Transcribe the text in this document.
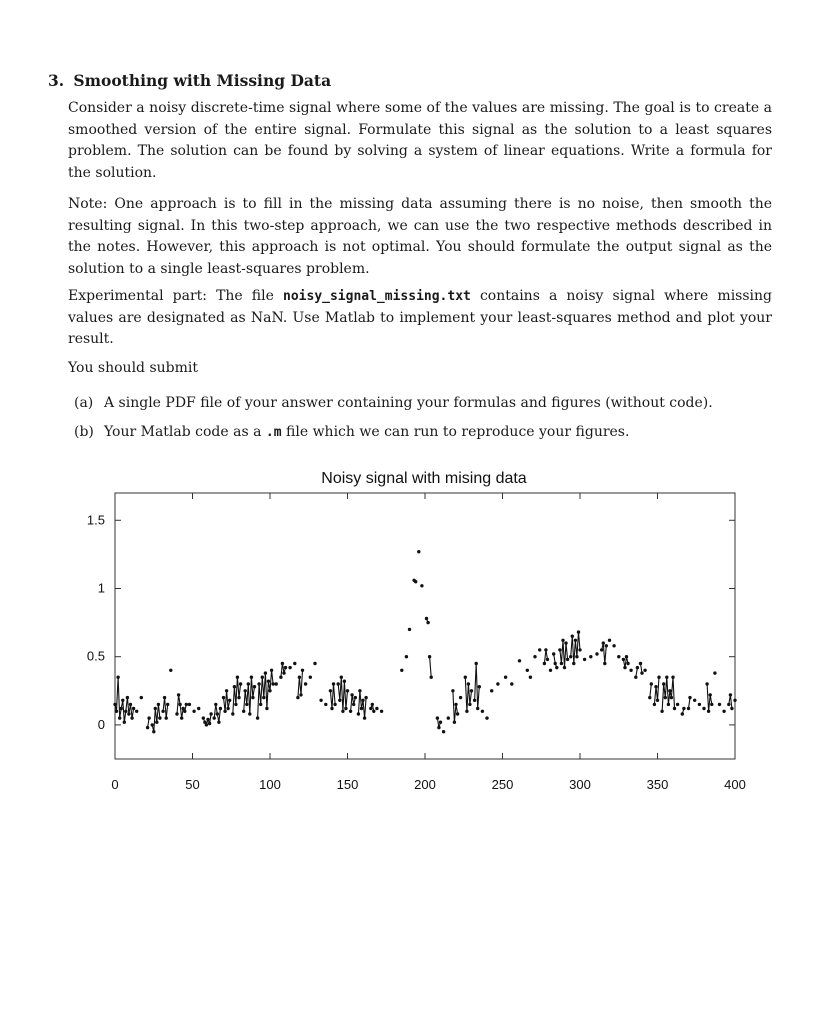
3. Smoothing with Missing Data
Consider a noisy discrete-time signal where some of the values are missing. The goal is to create a smoothed version of the entire signal. Formulate this signal as the solution to a least squares problem. The solution can be found by solving a system of linear equations. Write a formula for the solution.
Note: One approach is to fill in the missing data assuming there is no noise, then smooth the resulting signal. In this two-step approach, we can use the two respective methods described in the notes. However, this approach is not optimal. You should formulate the output signal as the solution to a single least-squares problem.
Experimental part: The file noisy_signal_missing.txt contains a noisy signal where missing values are designated as NaN. Use Matlab to implement your least-squares method and plot your result.
You should submit
(a) A single PDF file of your answer containing your formulas and figures (without code).
(b) Your Matlab code as a .m file which we can run to reproduce your figures.
Noisy signal with mising data
0	50	100	150	200	250	300	350	400
0
0.5
1
1.5
